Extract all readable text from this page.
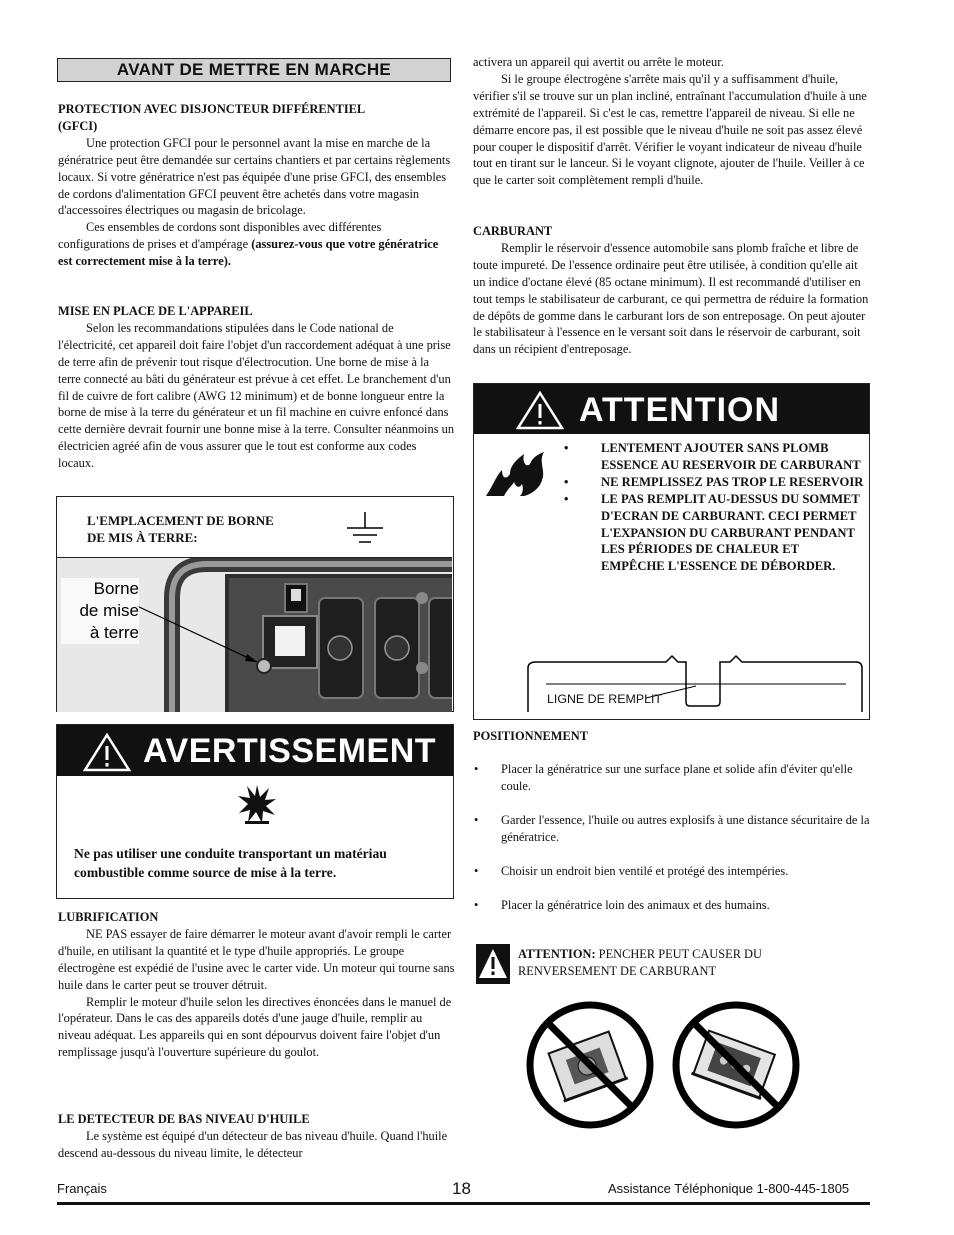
AVANT DE METTRE EN MARCHE

PROTECTION AVEC DISJONCTEUR DIFFÉRENTIEL

(GFCI)

Une protection GFCI pour le personnel avant la mise en marche de la génératrice peut être demandée sur certains chantiers et par certains règlements locaux. Si votre génératrice n'est pas équipée d'une prise GFCI, des ensembles de cordons d'alimentation GFCI peuvent être achetés dans votre magasin d'accessoires électriques ou magasin de bricolage.

Ces ensembles de cordons sont disponibles avec différentes configurations de prises et d'ampérage (assurez-vous que votre génératrice est correctement mise à la terre).

MISE EN PLACE DE L'APPAREIL

Selon les recommandations stipulées dans le Code national de l'électricité, cet appareil doit faire l'objet d'un raccordement adéquat à une prise de terre afin de prévenir tout risque d'électrocution. Une borne de mise à la terre connecté au bâti du générateur est prévue à cet effet. Le branchement d'un fil de cuivre de fort calibre (AWG 12 minimum) et de bonne longueur entre la borne de mise à la terre du générateur et un fil machine en cuivre enfoncé dans cette dernière devrait fournir une bonne mise à la terre. Consulter néanmoins un électricien agréé afin de vous assurer que le tout est conforme aux codes locaux.

L'EMPLACEMENT DE BORNE
DE MIS À TERRE:
Borne
de mise
à terre
AVERTISSEMENT
Ne pas utiliser une conduite transportant un matériau combustible comme source de mise à la terre.

LUBRIFICATION

NE PAS essayer de faire démarrer le moteur avant d'avoir rempli le carter d'huile, en utilisant la quantité et le type d'huile appropriés. Le groupe électrogène est expédié de l'usine avec le carter vide. Un moteur qui tourne sans huile dans le carter peut se trouver détruit.

Remplir le moteur d'huile selon les directives énoncées dans le manuel de l'opérateur. Dans le cas des appareils dotés d'une jauge d'huile, remplir au niveau adéquat. Les appareils qui en sont dépourvus doivent faire l'objet d'un remplissage jusqu'à l'ouverture supérieure du goulot.

LE DETECTEUR DE BAS NIVEAU D'HUILE

Le système est équipé d'un détecteur de bas niveau d'huile. Quand l'huile descend au-dessous du niveau limite, le détecteur

activera un appareil qui avertit ou arrête le moteur.

Si le groupe électrogène s'arrête mais qu'il y a suffisamment d'huile, vérifier s'il se trouve sur un plan incliné, entraînant l'accumulation d'huile à une extrémité de l'appareil. Si c'est le cas, remettre l'appareil de niveau. Si elle ne démarre encore pas, il est possible que le niveau d'huile ne soit pas assez élevé pour couper le dispositif d'arrêt. Vérifier le voyant indicateur de niveau d'huile tout en tirant sur le lanceur. Si le voyant clignote, ajouter de l'huile. Veiller à ce que le carter soit complètement rempli d'huile.

CARBURANT

Remplir le réservoir d'essence automobile sans plomb fraîche et libre de toute impureté. De l'essence ordinaire peut être utilisée, à condition qu'elle ait un indice d'octane élevé (85 octane minimum). Il est recommandé d'utiliser en tout temps le stabilisateur de carburant, ce qui permettra de réduire la formation de dépôts de gomme dans le carburant lors de son entreposage. On peut ajouter le stabilisateur à l'essence en le versant soit dans le réservoir de carburant, soit dans un récipient d'entreposage.

ATTENTION
•	LENTEMENT AJOUTER SANS PLOMB ESSENCE AU RESERVOIR DE CARBURANT
•	NE REMPLISSEZ PAS TROP LE RESERVOIR
•	LE PAS REMPLIT AU-DESSUS DU SOMMET D'ECRAN DE CARBURANT. CECI PERMET L'EXPANSION DU CARBURANT PENDANT LES PÉRIODES DE CHALEUR ET EMPÊCHE L'ESSENCE DE DÉBORDER.
LIGNE DE REMPLIT

POSITIONNEMENT

• Placer la génératrice sur une surface plane et solide afin d'éviter qu'elle coule.
• Garder l'essence, l'huile ou autres explosifs à une distance sécuritaire de la génératrice.
• Choisir un endroit bien ventilé et protégé des intempéries.
• Placer la génératrice loin des animaux et des humains.
ATTENTION: PENCHER PEUT CAUSER DU
RENVERSEMENT DE CARBURANT
Français	18	Assistance Téléphonique 1-800-445-1805
